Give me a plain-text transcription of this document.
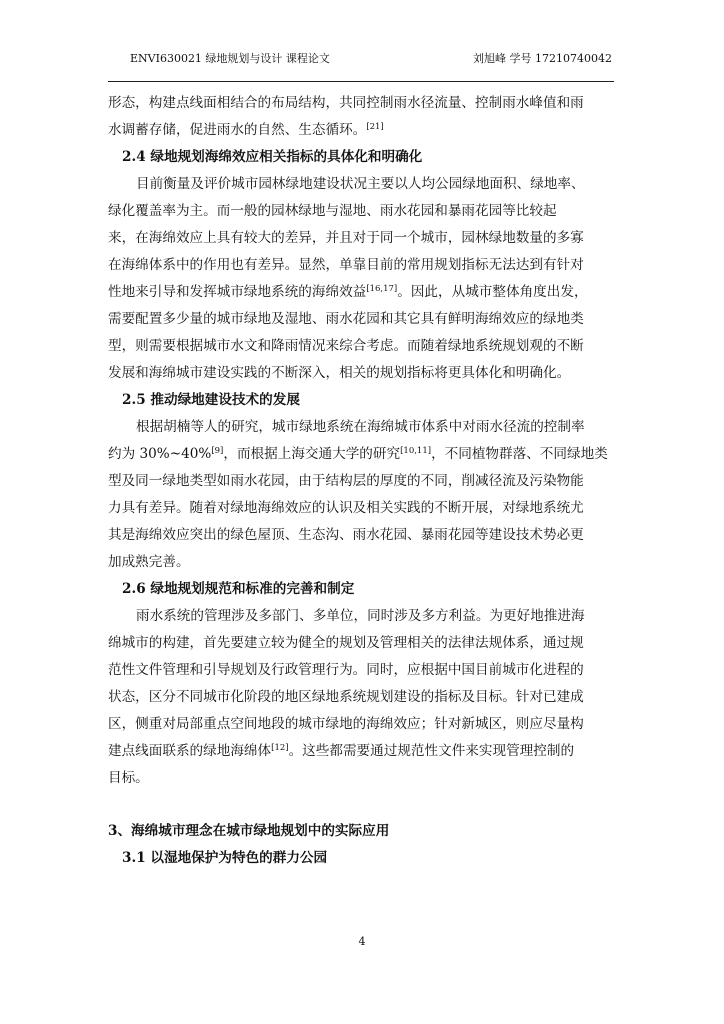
ENVI630021 绿地规划与设计 课程论文	刘旭峰 学号 17210740042
形态，构建点线面相结合的布局结构，共同控制雨水径流量、控制雨水峰值和雨
水调蓄存储，促进雨水的自然、生态循环。[21]
2.4 绿地规划海绵效应相关指标的具体化和明确化
目前衡量及评价城市园林绿地建设状况主要以人均公园绿地面积、绿地率、
绿化覆盖率为主。而一般的园林绿地与湿地、雨水花园和暴雨花园等比较起
来，在海绵效应上具有较大的差异，并且对于同一个城市，园林绿地数量的多寡
在海绵体系中的作用也有差异。显然，单靠目前的常用规划指标无法达到有针对
性地来引导和发挥城市绿地系统的海绵效益[16,17]。因此，从城市整体角度出发，
需要配置多少量的城市绿地及湿地、雨水花园和其它具有鲜明海绵效应的绿地类
型，则需要根据城市水文和降雨情况来综合考虑。而随着绿地系统规划观的不断
发展和海绵城市建设实践的不断深入，相关的规划指标将更具体化和明确化。
2.5 推动绿地建设技术的发展
根据胡楠等人的研究，城市绿地系统在海绵城市体系中对雨水径流的控制率
约为 30%~40%[9]，而根据上海交通大学的研究[10,11]，不同植物群落、不同绿地类
型及同一绿地类型如雨水花园，由于结构层的厚度的不同，削减径流及污染物能
力具有差异。随着对绿地海绵效应的认识及相关实践的不断开展，对绿地系统尤
其是海绵效应突出的绿色屋顶、生态沟、雨水花园、暴雨花园等建设技术势必更
加成熟完善。
2.6 绿地规划规范和标准的完善和制定
雨水系统的管理涉及多部门、多单位，同时涉及多方利益。为更好地推进海
绵城市的构建，首先要建立较为健全的规划及管理相关的法律法规体系，通过规
范性文件管理和引导规划及行政管理行为。同时，应根据中国目前城市化进程的
状态，区分不同城市化阶段的地区绿地系统规划建设的指标及目标。针对已建成
区，侧重对局部重点空间地段的城市绿地的海绵效应；针对新城区，则应尽量构
建点线面联系的绿地海绵体[12]。这些都需要通过规范性文件来实现管理控制的
目标。
3、海绵城市理念在城市绿地规划中的实际应用
3.1 以湿地保护为特色的群力公园
4
